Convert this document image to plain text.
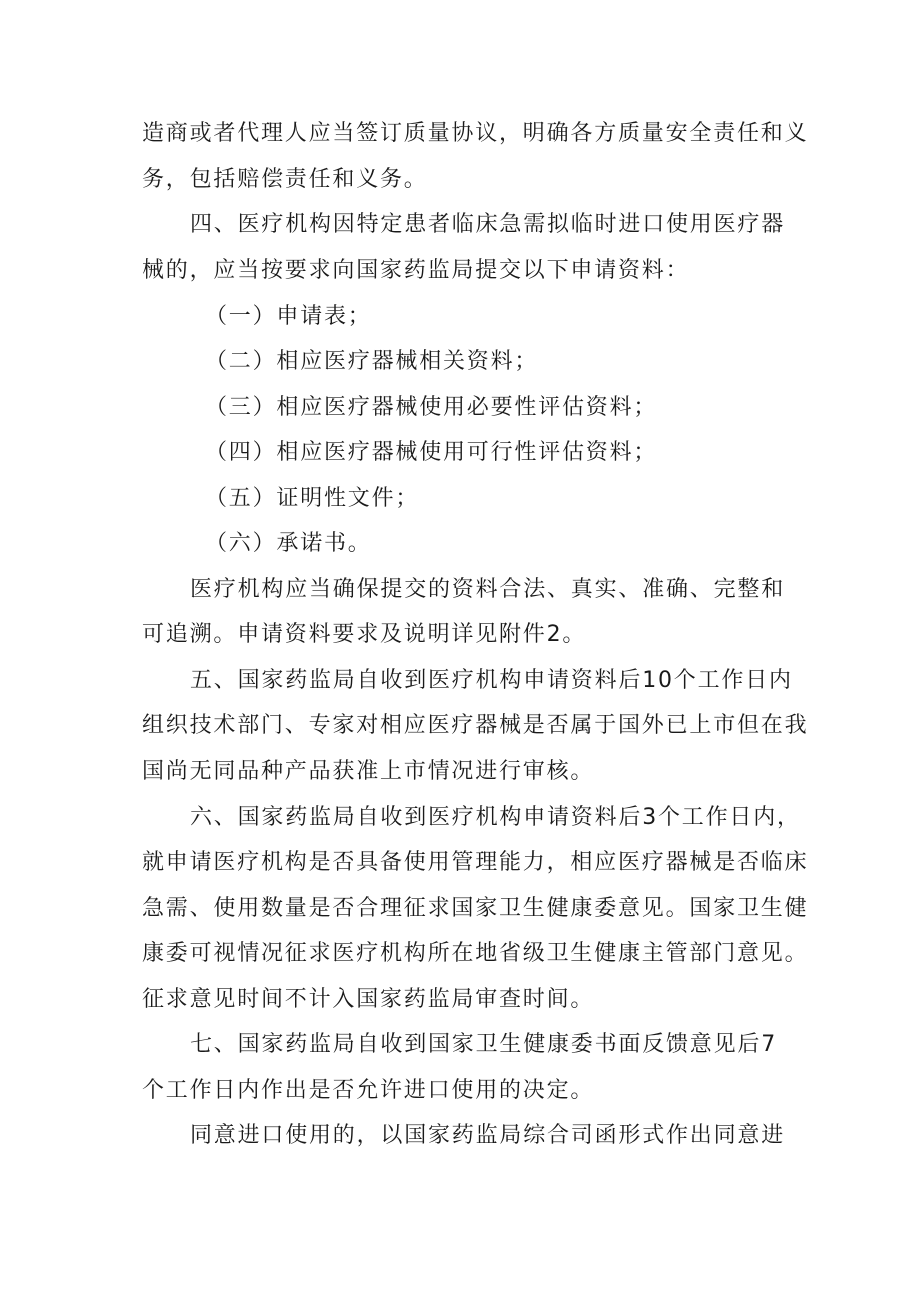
造商或者代理人应当签订质量协议，明确各方质量安全责任和义
务，包括赔偿责任和义务。
四、医疗机构因特定患者临床急需拟临时进口使用医疗器
械的，应当按要求向国家药监局提交以下申请资料：
（一）申请表；
（二）相应医疗器械相关资料；
（三）相应医疗器械使用必要性评估资料；
（四）相应医疗器械使用可行性评估资料；
（五）证明性文件；
（六）承诺书。
医疗机构应当确保提交的资料合法、真实、准确、完整和
可追溯。申请资料要求及说明详见附件2。
五、国家药监局自收到医疗机构申请资料后10个工作日内
组织技术部门、专家对相应医疗器械是否属于国外已上市但在我
国尚无同品种产品获准上市情况进行审核。
六、国家药监局自收到医疗机构申请资料后3个工作日内，
就申请医疗机构是否具备使用管理能力，相应医疗器械是否临床
急需、使用数量是否合理征求国家卫生健康委意见。国家卫生健
康委可视情况征求医疗机构所在地省级卫生健康主管部门意见。
征求意见时间不计入国家药监局审查时间。
七、国家药监局自收到国家卫生健康委书面反馈意见后7
个工作日内作出是否允许进口使用的决定。
同意进口使用的，以国家药监局综合司函形式作出同意进
